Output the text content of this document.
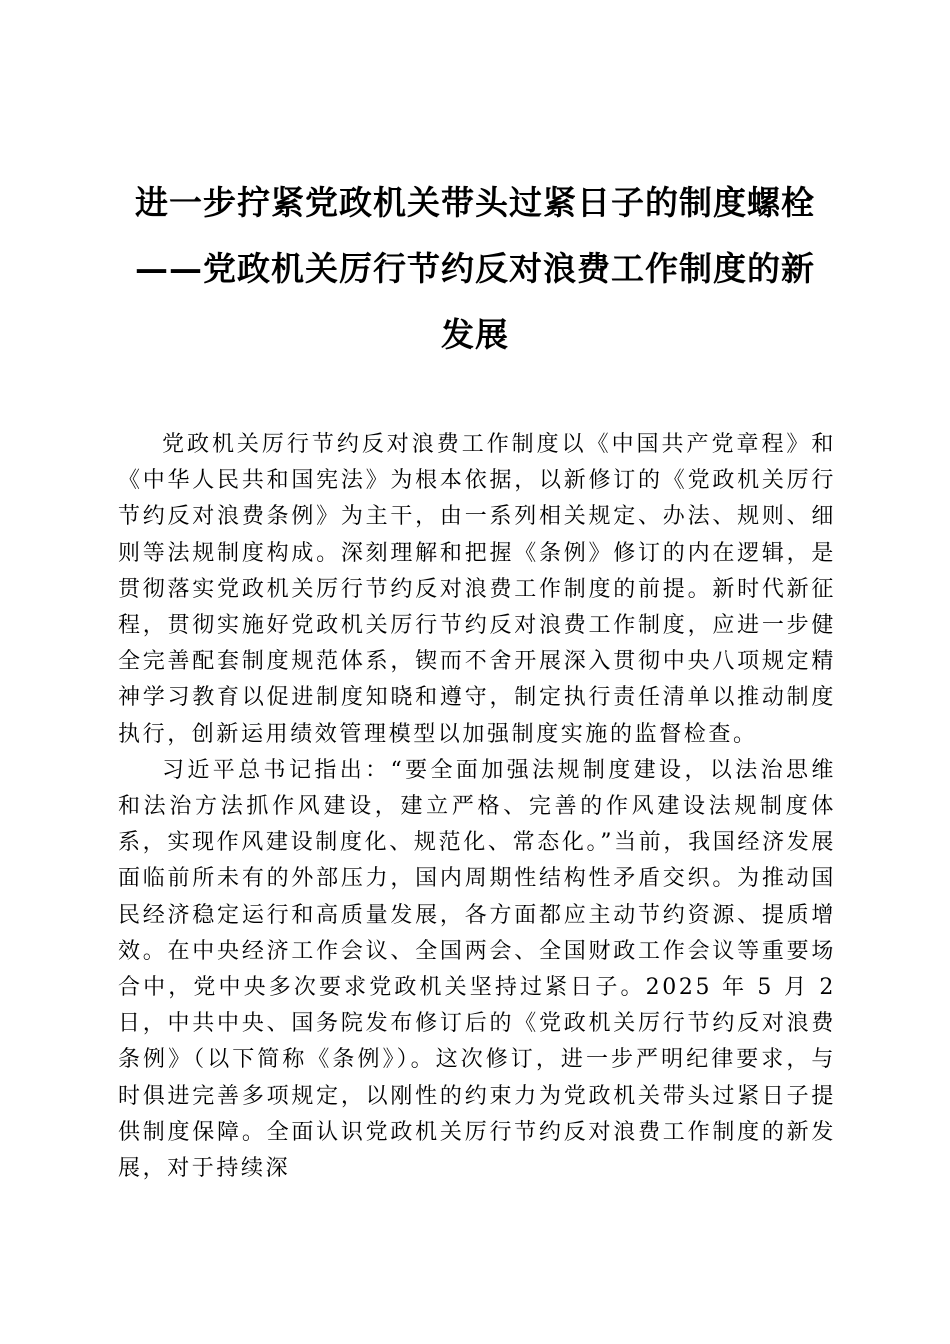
进一步拧紧党政机关带头过紧日子的制度螺栓
——党政机关厉行节约反对浪费工作制度的新
发展

党政机关厉行节约反对浪费工作制度以《中国共产党章程》和《中华人民共和国宪法》为根本依据，以新修订的《党政机关厉行节约反对浪费条例》为主干，由一系列相关规定、办法、规则、细则等法规制度构成。深刻理解和把握《条例》修订的内在逻辑，是贯彻落实党政机关厉行节约反对浪费工作制度的前提。新时代新征程，贯彻实施好党政机关厉行节约反对浪费工作制度，应进一步健全完善配套制度规范体系，锲而不舍开展深入贯彻中央八项规定精神学习教育以促进制度知晓和遵守，制定执行责任清单以推动制度执行，创新运用绩效管理模型以加强制度实施的监督检查。

习近平总书记指出：“要全面加强法规制度建设，以法治思维和法治方法抓作风建设，建立严格、完善的作风建设法规制度体系，实现作风建设制度化、规范化、常态化。”当前，我国经济发展面临前所未有的外部压力，国内周期性结构性矛盾交织。为推动国民经济稳定运行和高质量发展，各方面都应主动节约资源、提质增效。在中央经济工作会议、全国两会、全国财政工作会议等重要场合中，党中央多次要求党政机关坚持过紧日子。2025 年 5 月 2 日，中共中央、国务院发布修订后的《党政机关厉行节约反对浪费条例》（以下简称《条例》）。这次修订，进一步严明纪律要求，与时俱进完善多项规定，以刚性的约束力为党政机关带头过紧日子提供制度保障。全面认识党政机关厉行节约反对浪费工作制度的新发展，对于持续深
